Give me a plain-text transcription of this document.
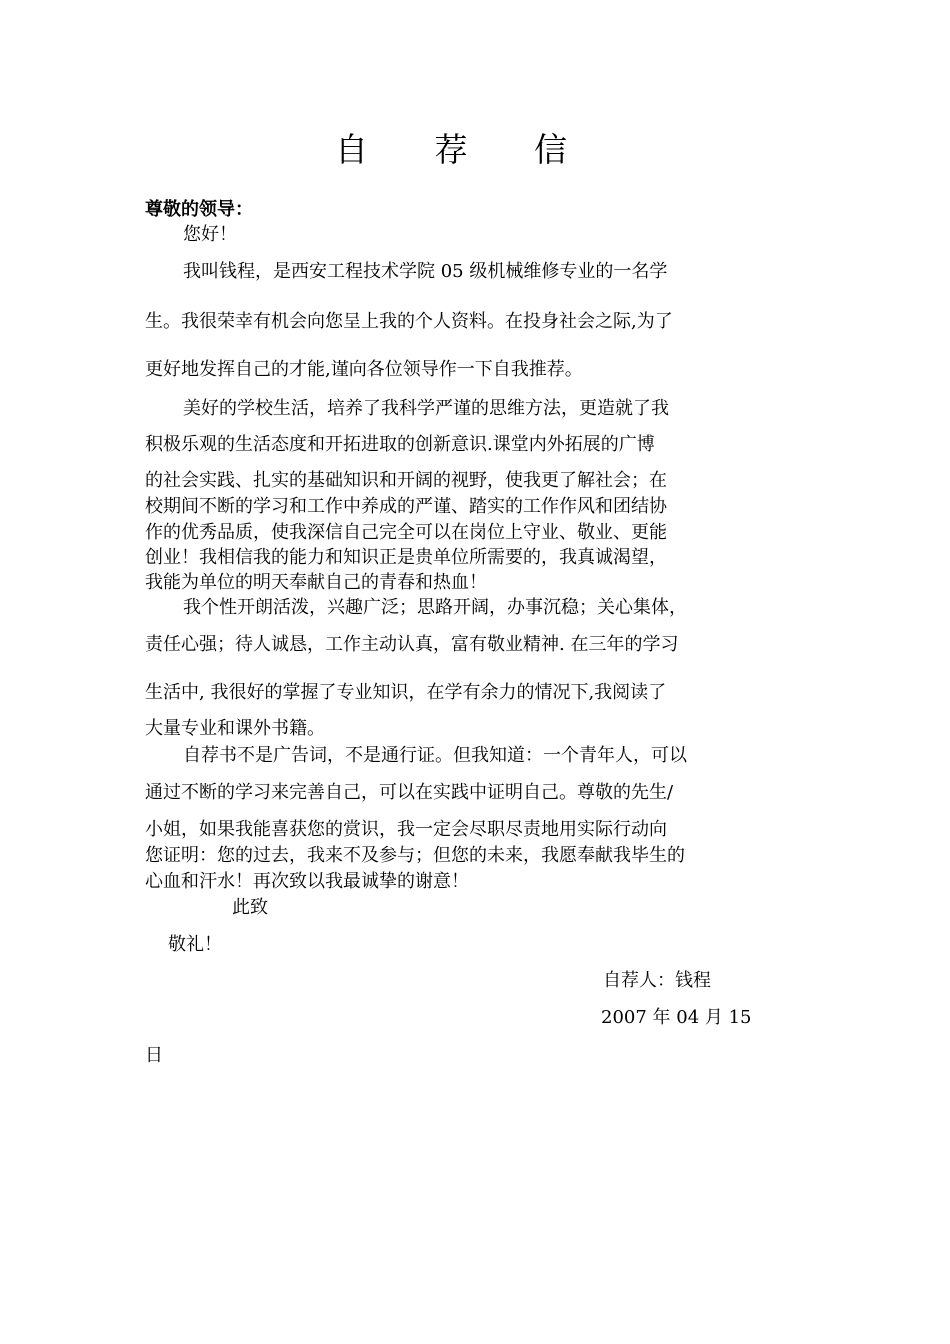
自 荐 信
尊敬的领导：
您好！
我叫钱程，是西安工程技术学院 05 级机械维修专业的一名学
生。我很荣幸有机会向您呈上我的个人资料。在投身社会之际,为了
更好地发挥自己的才能,谨向各位领导作一下自我推荐。
美好的学校生活，培养了我科学严谨的思维方法，更造就了我
积极乐观的生活态度和开拓进取的创新意识.课堂内外拓展的广博
的社会实践、扎实的基础知识和开阔的视野，使我更了解社会；在
校期间不断的学习和工作中养成的严谨、踏实的工作作风和团结协
作的优秀品质，使我深信自己完全可以在岗位上守业、敬业、更能
创业！我相信我的能力和知识正是贵单位所需要的，我真诚渴望，
我能为单位的明天奉献自己的青春和热血！
我个性开朗活泼，兴趣广泛；思路开阔，办事沉稳；关心集体，
责任心强；待人诚恳，工作主动认真，富有敬业精神. 在三年的学习
生活中, 我很好的掌握了专业知识，在学有余力的情况下,我阅读了
大量专业和课外书籍。
自荐书不是广告词，不是通行证。但我知道：一个青年人，可以
通过不断的学习来完善自己，可以在实践中证明自己。尊敬的先生/
小姐，如果我能喜获您的赏识，我一定会尽职尽责地用实际行动向
您证明：您的过去，我来不及参与；但您的未来，我愿奉献我毕生的
心血和汗水！再次致以我最诚挚的谢意！
此致
敬礼！
自荐人：钱程
2007 年 04 月 15
日
